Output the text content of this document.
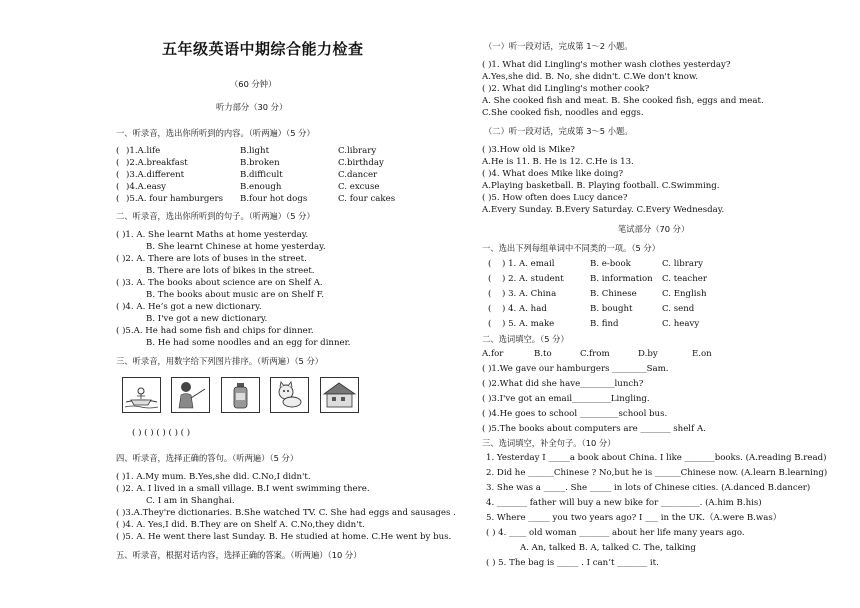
五年级英语中期综合能力检查
（60 分钟）
听力部分（30 分）
一、听录音，选出你所听到的内容。（听两遍）（5 分）
( )1.A.life	B.light	C.library
( )2.A.breakfast	B.broken	C.birthday
( )3.A.different	B.difficult	C.dancer
( )4.A.easy	B.enough	C. excuse
( )5.A. four hamburgers B.four hot dogs	C. four cakes
二、听录音，选出你所听到的句子。（听两遍）（5 分）
( )1. A. She learnt Maths at home yesterday.
B. She learnt Chinese at home yesterday.
( )2. A. There are lots of buses in the street.
B. There are lots of bikes in the street.
( )3. A. The books about science are on Shelf A.
B. The books about music are on Shelf F.
( )4. A. He’s got a new dictionary.
B. I've got a new dictionary.
( )5.A. He had some fish and chips for dinner.
B. He had some noodles and an egg for dinner.
三、听录音，用数字给下列图片排序。（听两遍）（5 分）
( ) ( ) ( ) ( ) ( )
四、听录音，选择正确的答句。（听两遍）（5 分）
( )1. A.My mum. B.Yes,she did. C.No,I didn't.
( )2. A. I lived in a small village. B.I went swimming there.
C. I am in Shanghai.
( )3.A.They're dictionaries. B.She watched TV. C. She had eggs and sausages .
( )4. A. Yes,I did. B.They are on Shelf A. C.No,they didn't.
( )5. A. He went there last Sunday. B. He studied at home. C.He went by bus.
五、听录音，根据对话内容，选择正确的答案。（听两遍）（10 分）
（一）听一段对话，完成第 1～2 小题。
( )1. What did Lingling's mother wash clothes yesterday?
A.Yes,she did. B. No, she didn't. C.We don't know.
( )2. What did Lingling's mother cook?
A. She cooked fish and meat. B. She cooked fish, eggs and meat.
C.She cooked fish, noodles and eggs.
（二）听一段对话，完成第 3～5 小题。
( )3.How old is Mike?
A.He is 11. B. He is 12. C.He is 13.
( )4. What does Mike like doing?
A.Playing basketball. B. Playing football. C.Swimming.
( )5. How often does Lucy dance?
A.Every Sunday. B.Every Saturday. C.Every Wednesday.
笔试部分（70 分）
一、选出下列每组单词中不同类的一项。（5 分）
( ) 1. A. email	B. e-book	C. library
( ) 2. A. student	B. information C. teacher
( ) 3. A. China	B. Chinese	C. English
( ) 4. A. had	B. bought	C. send
( ) 5. A. make	B. find	C. heavy
二、选词填空。（5 分）
A.for	B.to	C.from	D.by	E.on
( )1.We gave our hamburgers ________Sam.
( )2.What did she have________lunch?
( )3.I've got an email_________Lingling.
( )4.He goes to school _________school bus.
( )5.The books about computers are _______ shelf A.
三、选词填空，补全句子。（10 分）
1. Yesterday I _____a book about China. I like _______books. (A.reading B.read)
2. Did he ______Chinese ? No,but he is ______Chinese now. (A.learn B.learning)
3. She was a _____. She _____ in lots of Chinese cities. (A.danced B.dancer)
4. _______ father will buy a new bike for _________. (A.him B.his)
5. Where _____ you two years ago? I ___ in the UK.（A.were B.was）
( ) 4. ____ old woman _______ about her life many years ago.
A. An, talked B. A, talked C. The, talking
( ) 5. The bag is _____ . I can’t _______ it.
